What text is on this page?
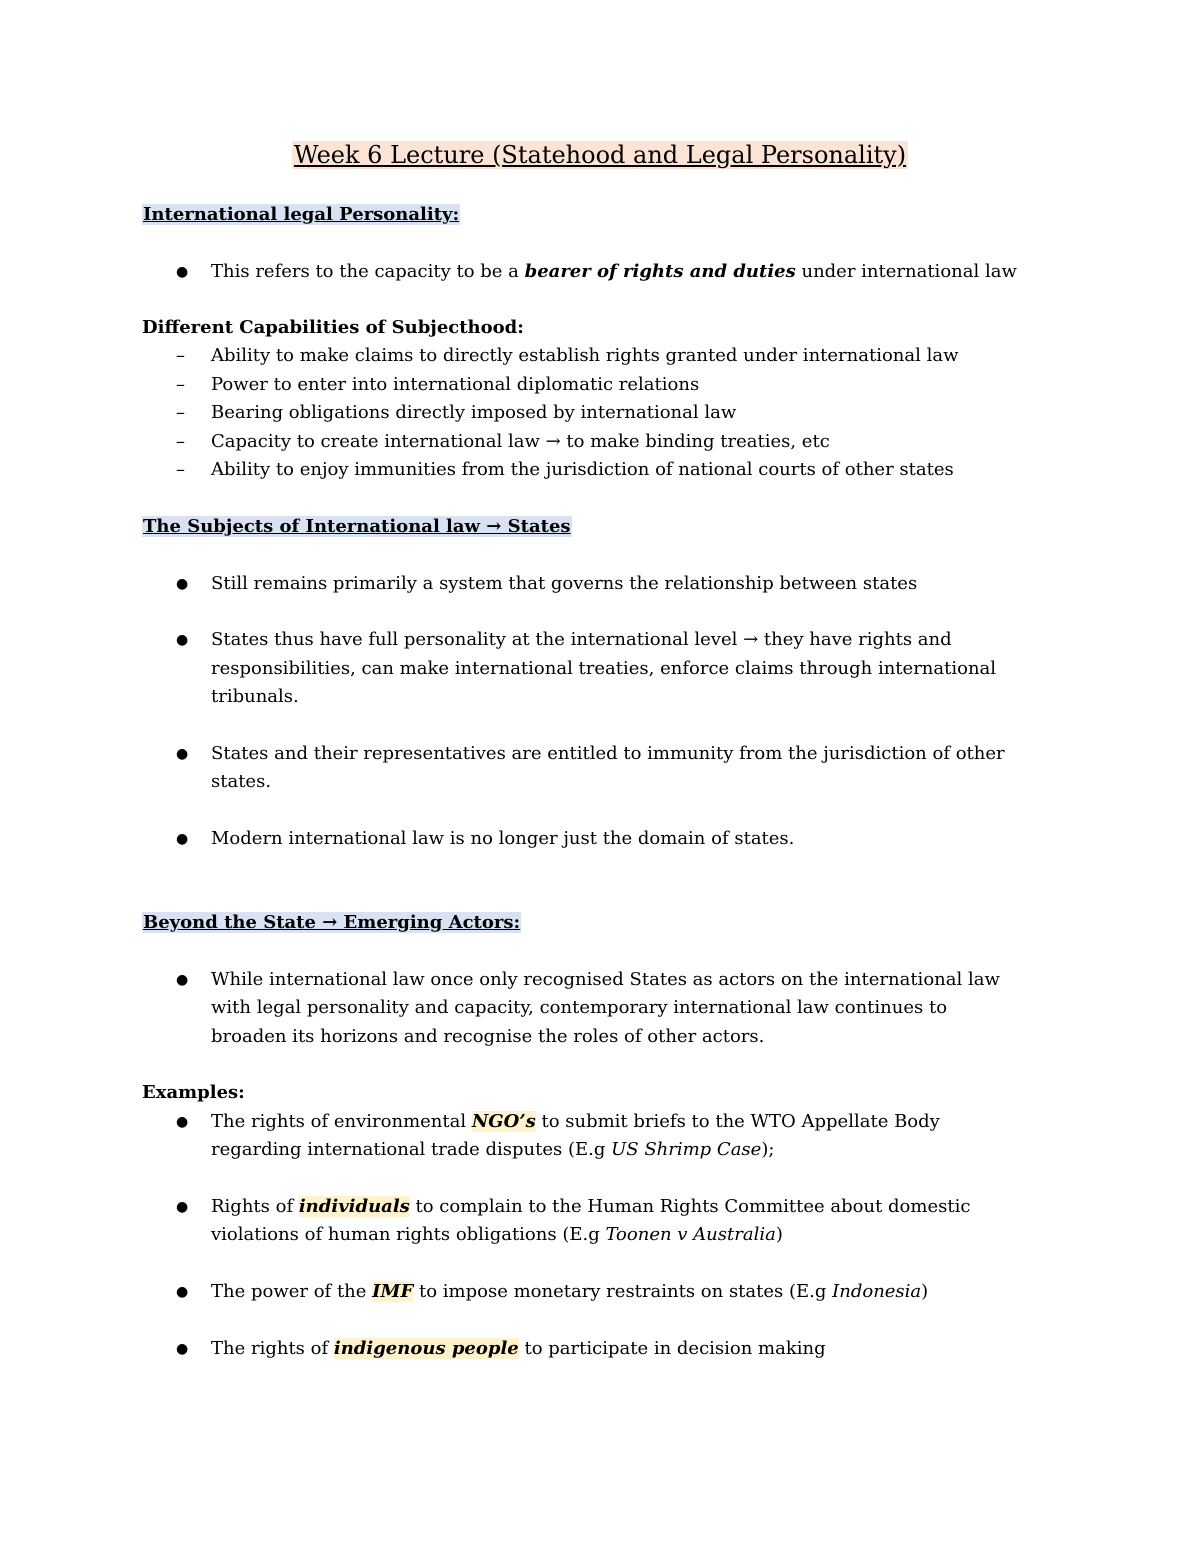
Week 6 Lecture (Statehood and Legal Personality)
International legal Personality:
● This refers to the capacity to be a bearer of rights and duties under international law
Different Capabilities of Subjecthood:
– Ability to make claims to directly establish rights granted under international law
– Power to enter into international diplomatic relations
– Bearing obligations directly imposed by international law
– Capacity to create international law → to make binding treaties, etc
– Ability to enjoy immunities from the jurisdiction of national courts of other states
The Subjects of International law → States
● Still remains primarily a system that governs the relationship between states
● States thus have full personality at the international level → they have rights and
responsibilities, can make international treaties, enforce claims through international
tribunals.
● States and their representatives are entitled to immunity from the jurisdiction of other
states.
● Modern international law is no longer just the domain of states.
Beyond the State → Emerging Actors:
● While international law once only recognised States as actors on the international law
with legal personality and capacity, contemporary international law continues to
broaden its horizons and recognise the roles of other actors.
Examples:
● The rights of environmental NGO’s to submit briefs to the WTO Appellate Body
regarding international trade disputes (E.g US Shrimp Case);
● Rights of individuals to complain to the Human Rights Committee about domestic
violations of human rights obligations (E.g Toonen v Australia)
● The power of the IMF to impose monetary restraints on states (E.g Indonesia)
● The rights of indigenous people to participate in decision making
